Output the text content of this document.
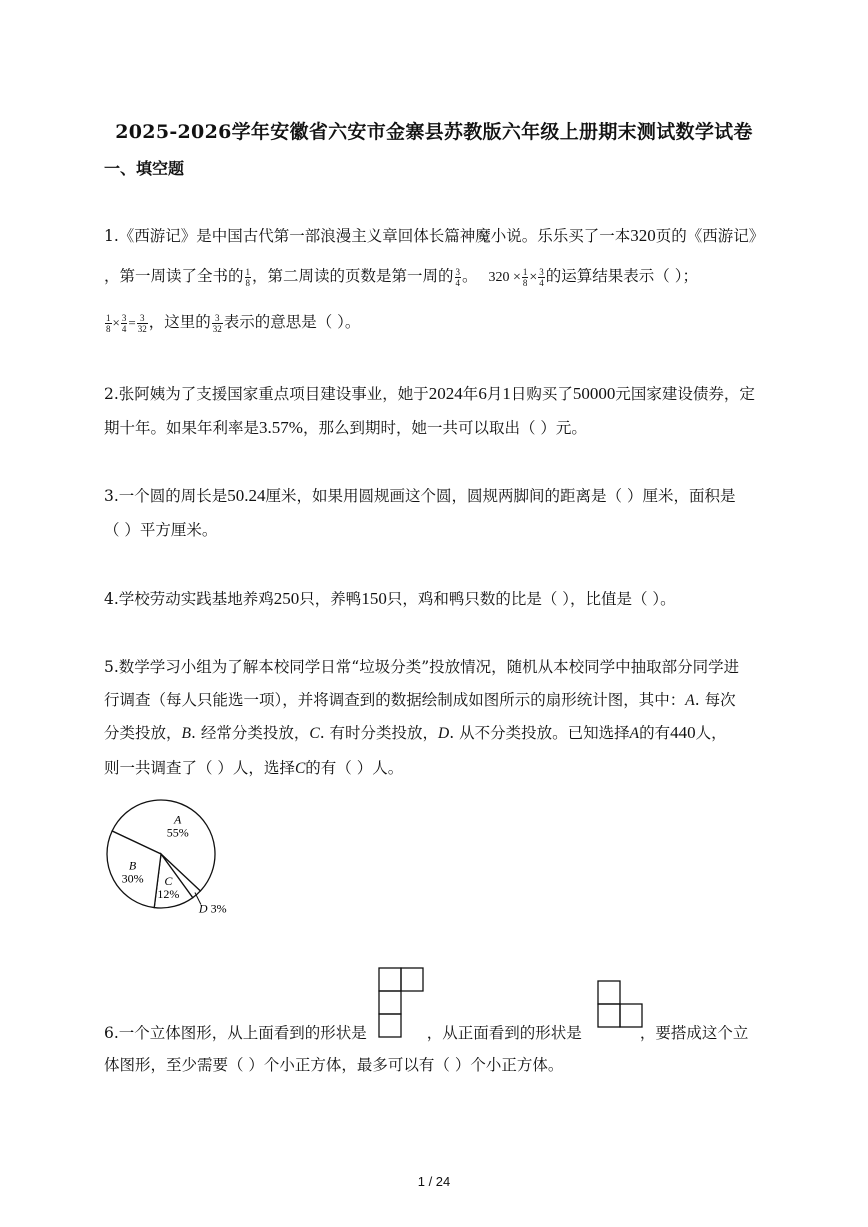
2025-2026学年安徽省六安市金寨县苏教版六年级上册期末测试数学试卷
一、填空题
1.《西游记》是中国古代第一部浪漫主义章回体长篇神魔小说。乐乐买了一本320页的《西游记》
，第一周读了全书的 $\frac{1}{8}$ ，第二周读的页数是第一周的 $\frac{3}{4}$ 。 $320 \times \frac{1}{8} \times \frac{3}{4}$ 的运算结果表示（ ）；
$\frac{1}{8} \times \frac{3}{4} = \frac{3}{32}$ ，这里的 $\frac{3}{32}$ 表示的意思是（ ）。
2.张阿姨为了支援国家重点项目建设事业，她于2024年6月1日购买了50000元国家建设债券，定
期十年。如果年利率是3.57%，那么到期时，她一共可以取出（ ）元。
3.一个圆的周长是50.24厘米，如果用圆规画这个圆，圆规两脚间的距离是（ ）厘米，面积是
（ ）平方厘米。
4.学校劳动实践基地养鸡250只，养鸭150只，鸡和鸭只数的比是（ ），比值是（ ）。
5.数学学习小组为了解本校同学日常“垃圾分类”投放情况，随机从本校同学中抽取部分同学进
行调查（每人只能选一项），并将调查到的数据绘制成如图所示的扇形统计图，其中：A. 每次
分类投放，B. 经常分类投放，C. 有时分类投放，D. 从不分类投放。已知选择A的有440人，
则一共调查了（ ）人，选择C的有（ ）人。
A
55%
B
30% C
12%
D 3%
6.一个立体图形，从上面看到的形状是	，从正面看到的形状是	，要搭成这个立
体图形，至少需要（ ）个小正方体，最多可以有（ ）个小正方体。
1 / 24
